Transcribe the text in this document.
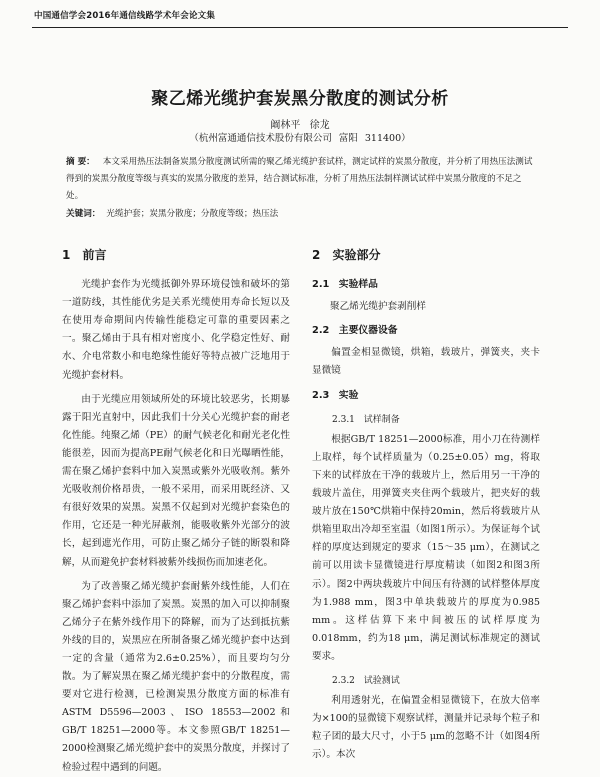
中国通信学会2016年通信线路学术年会论文集
聚乙烯光缆护套炭黑分散度的测试分析
阚林平 徐龙
（杭州富通通信技术股份有限公司 富阳 311400）
摘 要： 本文采用热压法制备炭黑分散度测试所需的聚乙烯光缆护套试样，测定试样的炭黑分散度，并分析了用热压法测试得到的炭黑分散度等级与真实的炭黑分散度的差异，结合测试标准，分析了用热压法制样测试试样中炭黑分散度的不足之处。
关键词： 光缆护套；炭黑分散度；分散度等级；热压法
1 前言

光缆护套作为光缆抵御外界环境侵蚀和破坏的第一道防线，其性能优劣是关系光缆使用寿命长短以及在使用寿命期间内传输性能稳定可靠的重要因素之一。聚乙烯由于具有相对密度小、化学稳定性好、耐水、介电常数小和电绝缘性能好等特点被广泛地用于光缆护套材料。

由于光缆应用领域所处的环境比较恶劣，长期暴露于阳光直射中，因此我们十分关心光缆护套的耐老化性能。纯聚乙烯（PE）的耐气候老化和耐光老化性能很差，因而为提高PE耐气候老化和日光曝晒性能，需在聚乙烯护套料中加入炭黑或紫外光吸收剂。紫外光吸收剂价格昂贵，一般不采用，而采用既经济、又有很好效果的炭黑。炭黑不仅起到对光缆护套染色的作用，它还是一种光屏蔽剂，能吸收紫外光部分的波长，起到遮光作用，可防止聚乙烯分子链的断裂和降解，从而避免护套材料被紫外线损伤而加速老化。

为了改善聚乙烯光缆护套耐紫外线性能，人们在聚乙烯护套料中添加了炭黑。炭黑的加入可以抑制聚乙烯分子在紫外线作用下的降解，而为了达到抵抗紫外线的目的，炭黑应在所制备聚乙烯光缆护套中达到一定的含量（通常为2.6±0.25%），而且要均匀分散。为了解炭黑在聚乙烯光缆护套中的分散程度，需要对它进行检测，已检测炭黑分散度方面的标准有ASTM D5596—2003、ISO 18553—2002和GB/T 18251—2000等。本文参照GB/T 18251—2000检测聚乙烯光缆护套中的炭黑分散度，并探讨了检验过程中遇到的问题。

2 实验部分
2.1 实验样品
聚乙烯光缆护套剥削样
2.2 主要仪器设备

偏置金相显微镜，烘箱，载玻片，弹簧夹，夹卡显微镜

2.3 实验
2.3.1 试样制备

根据GB/T 18251—2000标准，用小刀在待测样上取样，每个试样质量为（0.25±0.05）mg，将取下来的试样放在干净的载玻片上，然后用另一干净的载玻片盖住，用弹簧夹夹住两个载玻片，把夹好的载玻片放在150℃烘箱中保持20min，然后将载玻片从烘箱里取出冷却至室温（如图1所示）。为保证每个试样的厚度达到规定的要求（15～35 μm），在测试之前可以用读卡显微镜进行厚度精读（如图2和图3所示）。图2中两块载玻片中间压有待测的试样整体厚度为1.988 mm，图3中单块载玻片的厚度为0.985 mm。这样估算下来中间被压的试样厚度为0.018mm，约为18 μm，满足测试标准规定的测试要求。

2.3.2 试验测试

利用透射光，在偏置金相显微镜下，在放大倍率为×100的显微镜下观察试样，测量并记录每个粒子和粒子团的最大尺寸，小于5 μm的忽略不计（如图4所示）。本次
